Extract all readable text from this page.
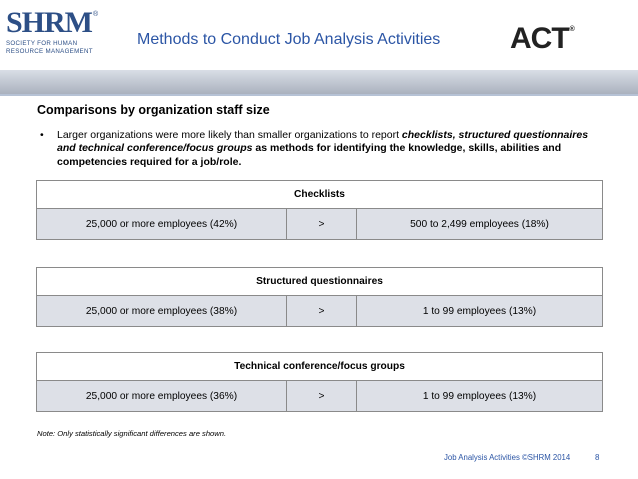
SHRM ®
SOCIETY FOR HUMAN
RESOURCE MANAGEMENT
Methods to Conduct Job Analysis Activities ACT®
Comparisons by organization staff size
•	Larger organizations were more likely than smaller organizations to report checklists, structured questionnaires and technical conference/focus groups as methods for identifying the knowledge, skills, abilities and competencies required for a job/role.
Checklists
25,000 or more employees (42%)	>	500 to 2,499 employees (18%)
Structured questionnaires
25,000 or more employees (38%)	>	1 to 99 employees (13%)
Technical conference/focus groups
25,000 or more employees (36%)	>	1 to 99 employees (13%)
Note: Only statistically significant differences are shown.
Job Analysis Activities ©SHRM 2014	8
